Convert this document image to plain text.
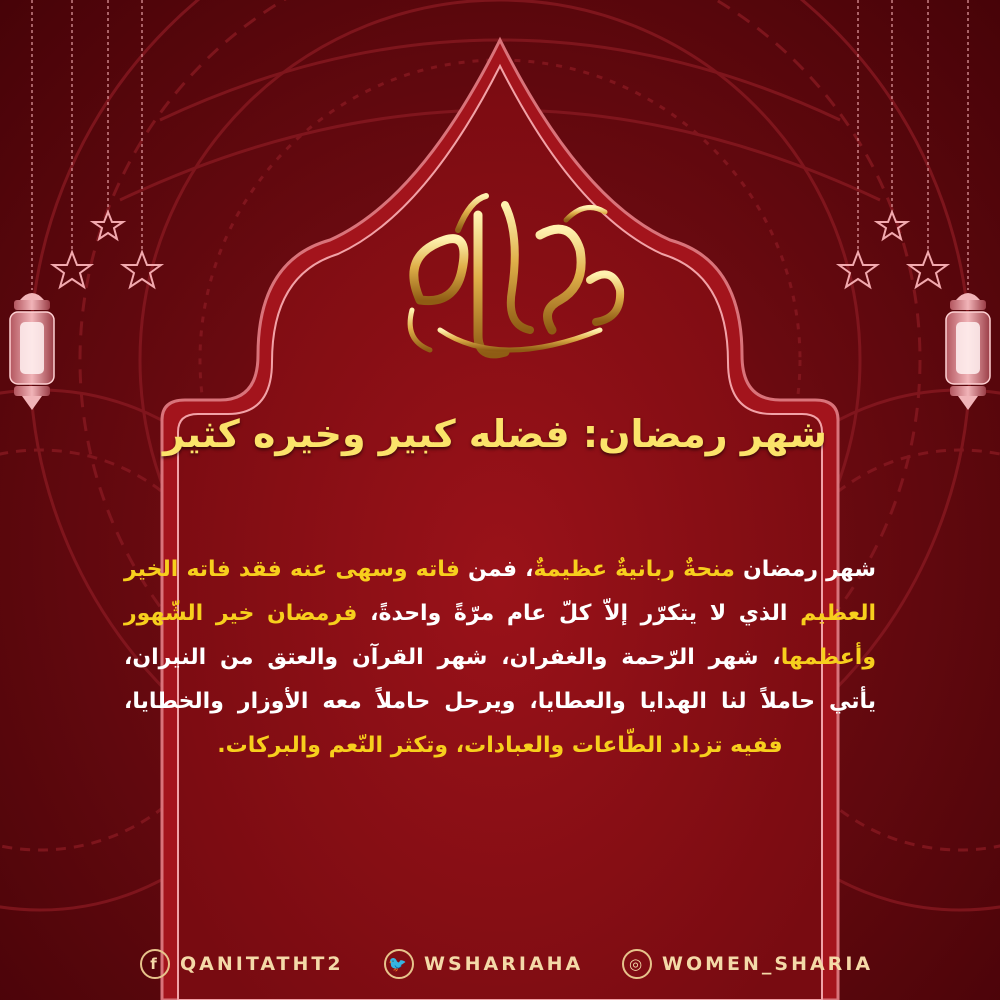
شهر رمضان: فضله كبير وخيره كثير
شهر رمضان منحةٌ ربانيةٌ عظيمةٌ، فمن فاته وسهى عنه فقد فاته الخير العظيم الذي لا يتكرّر إلاّ كلّ عام مرّةً واحدةً، فرمضان خير الشّهور وأعظمها، شهر الرّحمة والغفران، شهر القرآن والعتق من النيران، يأتي حاملاً لنا الهدايا والعطايا، ويرحل حاملاً معه الأوزار والخطايا، ففيه تزداد الطّاعات والعبادات، وتكثر النّعم والبركات.
f	QANITATHT2	🐦 WSHARIAHA	◎ WOMEN_SHARIA
